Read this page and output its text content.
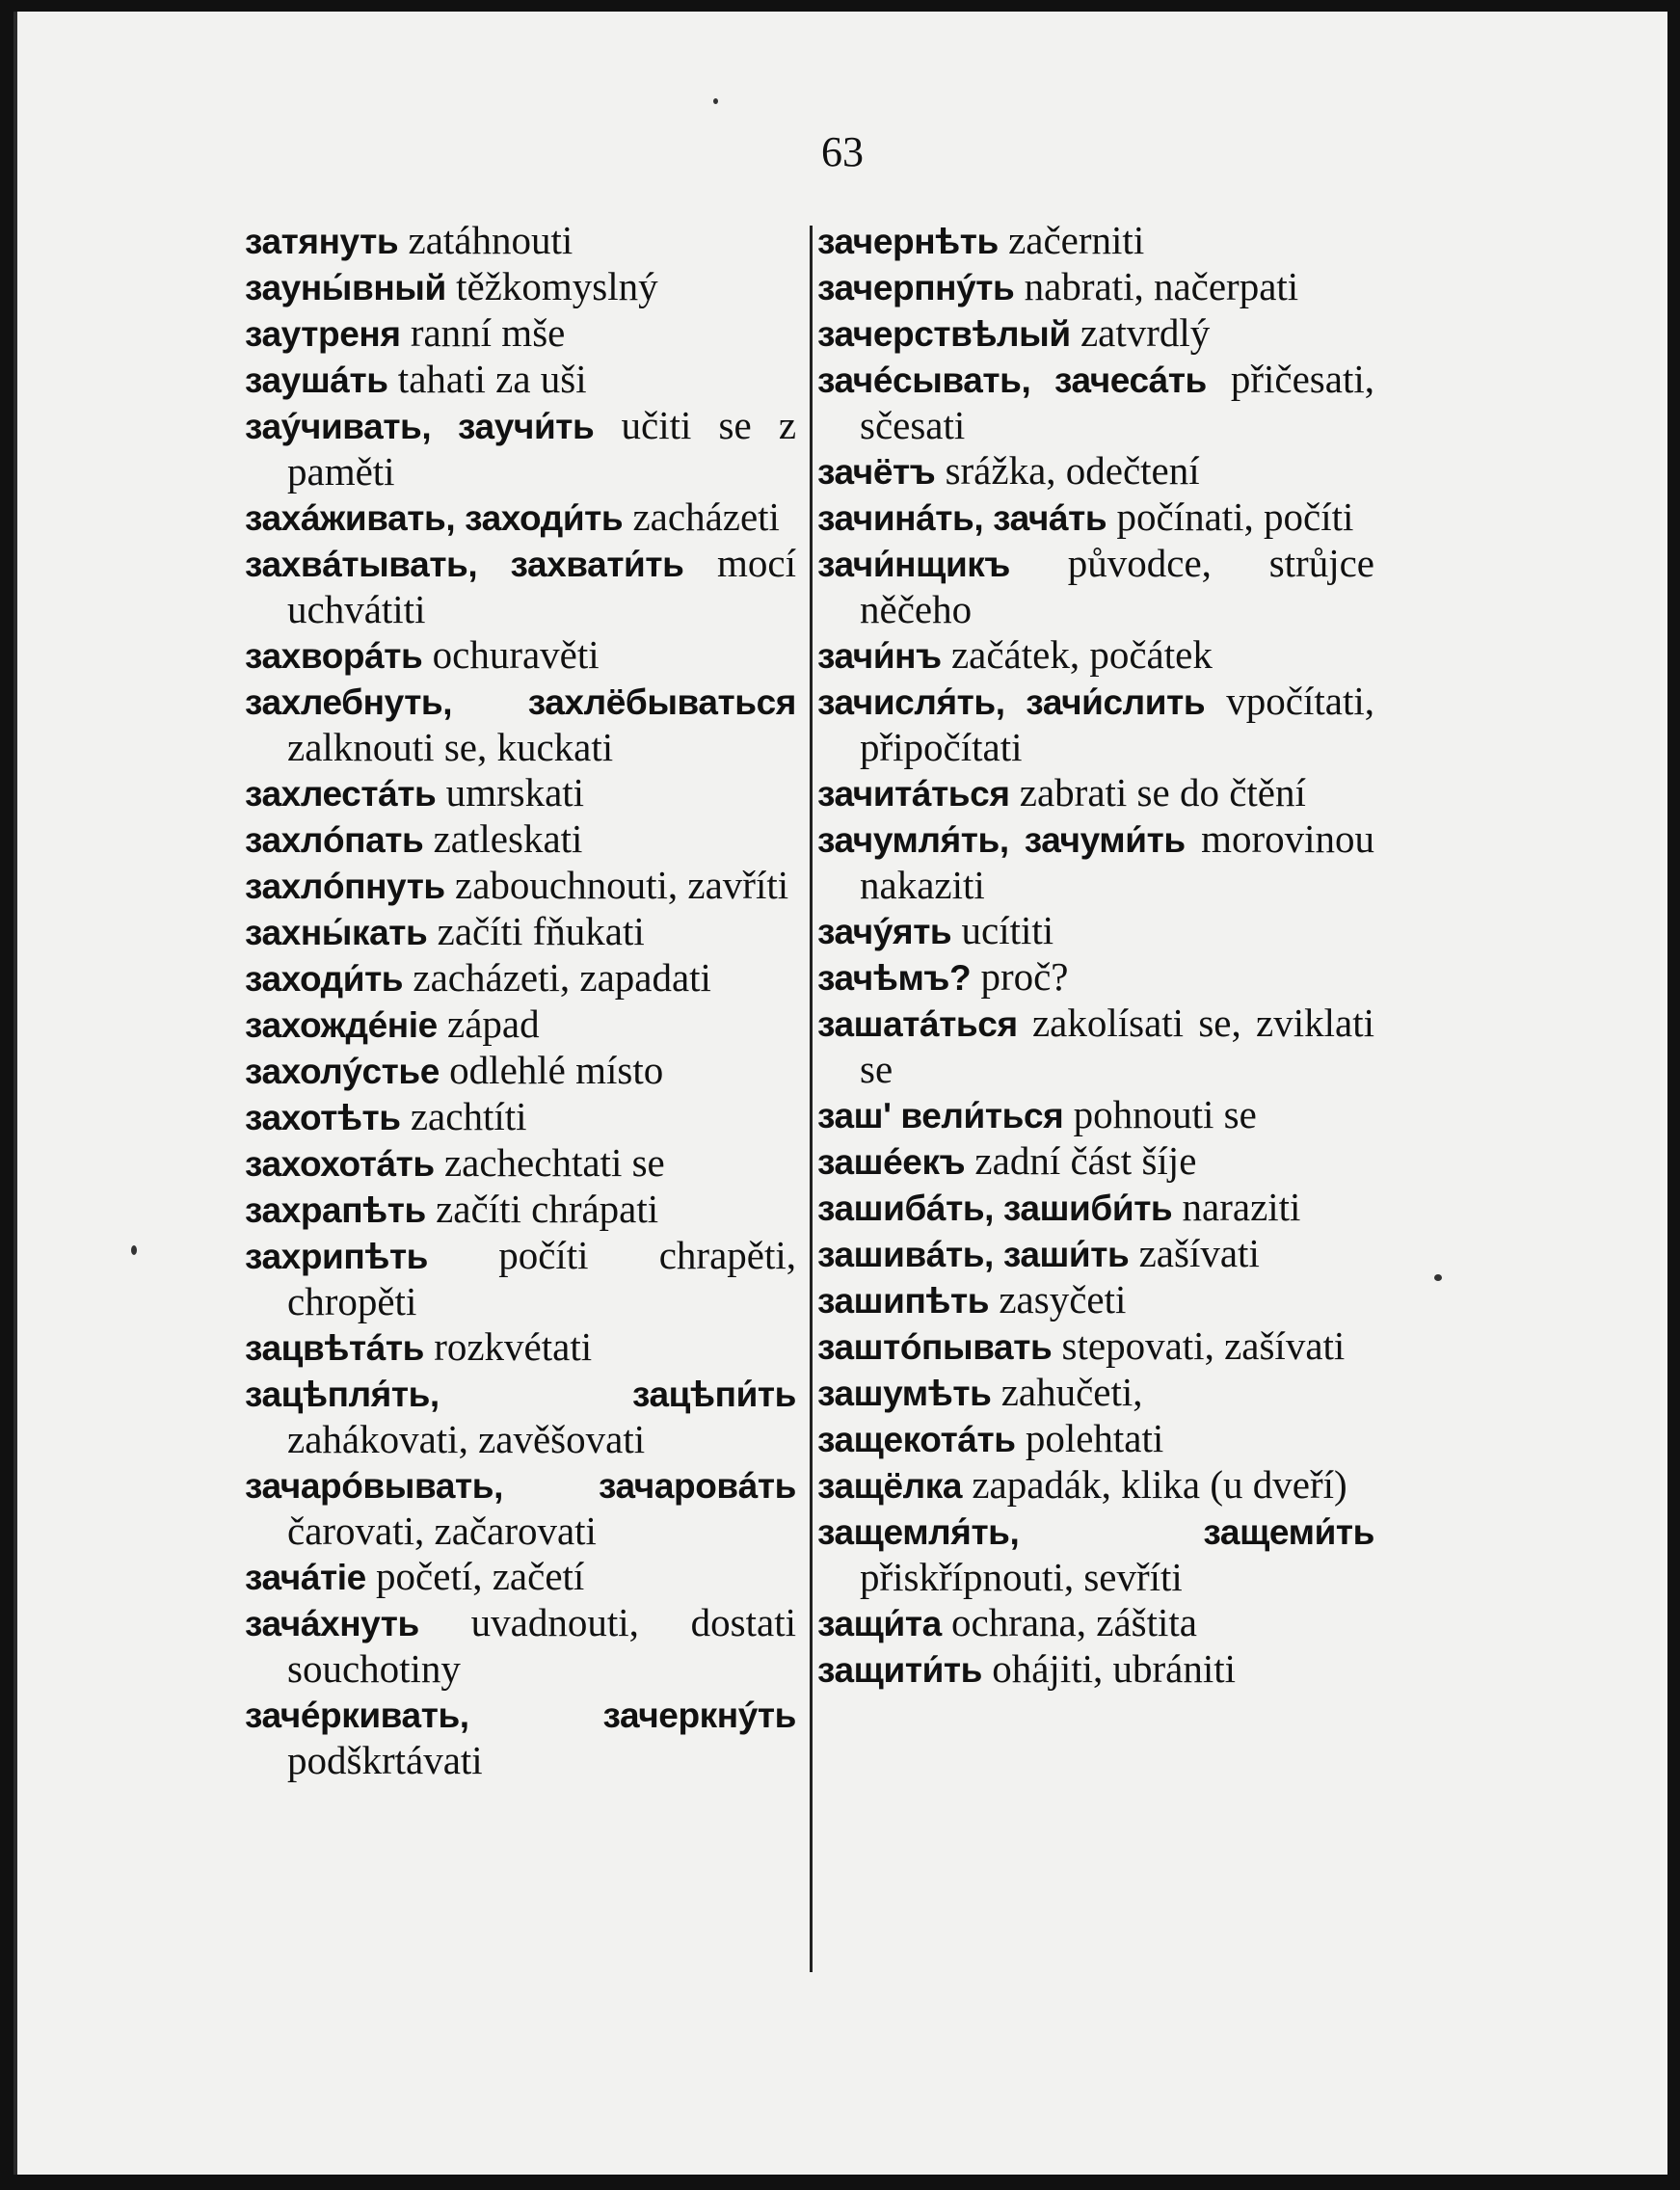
63

затянуть zatáhnouti

зауны́вный těžkomyslný

заутреня ranní mše

заушáть tahati za uši

заýчивать, заучи́ть učiti se z paměti

захáживать, заходи́ть zacházeti

захвáтывать, захвати́ть mocí uchvátiti

захворáть ochuravěti

захлебнуть, захлёбываться zalknouti se, kuckati

захлестáть umrskati

захлóпать zatleskati

захлóпнуть zabouchnouti, zavříti

захны́кать začíti fňukati

заходи́ть zacházeti, zapadati

захождéніе západ

захолýстье odlehlé místo

захотѣть zachtíti

захохотáть zachechtati se

захрапѣть začíti chrápati

захрипѣть počíti chrapěti, chropěti

зацвѣтáть rozkvétati

зацѣпля́ть, зацѣпи́ть zahákovati, zavěšovati

зачарóвывать, зачаровáть čarovati, začarovati

зачáтіе početí, začetí

зачáхнуть uvadnouti, dostati souchotiny

зачéркивать, зачеркнýть podškrtávati

зачернѣть začerniti

зачерпнýть nabrati, načerpati

зачерствѣлый zatvrdlý

зачéсывать, зачесáть přičesati, sčesati

зачётъ srážka, odečtení

зачинáть, зачáть počínati, počíti

зачи́нщикъ původce, strůjce něčeho

зачи́нъ začátek, počátek

зачисля́ть, зачи́слить vpočítati, připočítati

зачитáться zabrati se do čtění

зачумля́ть, зачуми́ть morovinou nakaziti

зачýять ucítiti

зачѣмъ? proč?

зашатáться zakolísati se, zviklati se

заш' вели́ться pohnouti se

зашéекъ zadní část šíje

зашибáть, зашиби́ть naraziti

зашивáть, заши́ть zašívati

зашипѣть zasyčeti

заштóпывать stepovati, zašívati

зашумѣть zahučeti,

защекотáть polehtati

защёлка zapadák, klika (u dveří)

защемля́ть, защеми́ть přiskřípnouti, sevříti

защи́та ochrana, záštita

защити́ть ohájiti, ubrániti
